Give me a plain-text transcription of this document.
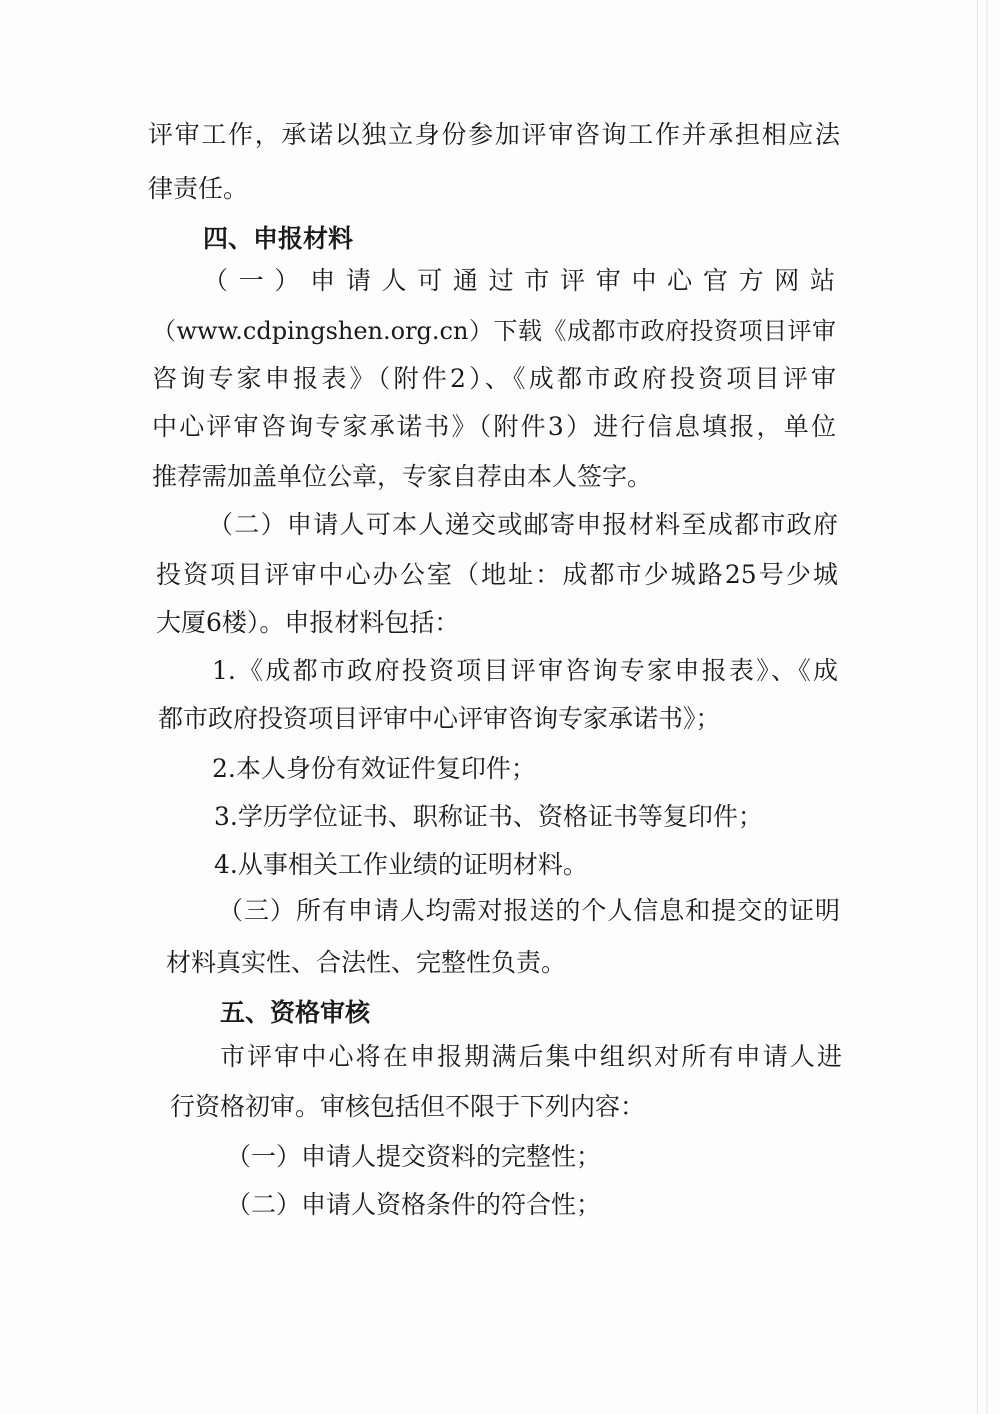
评审工作，承诺以独立身份参加评审咨询工作并承担相应法
律责任。
四、申报材料
（一）申请人可通过市评审中心官方网站
（www.cdpingshen.org.cn）下载《成都市政府投资项目评审
咨询专家申报表》（附件2）、《成都市政府投资项目评审
中心评审咨询专家承诺书》（附件3）进行信息填报，单位
推荐需加盖单位公章，专家自荐由本人签字。
（二）申请人可本人递交或邮寄申报材料至成都市政府
投资项目评审中心办公室（地址：成都市少城路25号少城
大厦6楼）。申报材料包括：
1.《成都市政府投资项目评审咨询专家申报表》、《成
都市政府投资项目评审中心评审咨询专家承诺书》；
2.本人身份有效证件复印件；
3.学历学位证书、职称证书、资格证书等复印件；
4.从事相关工作业绩的证明材料。
（三）所有申请人均需对报送的个人信息和提交的证明
材料真实性、合法性、完整性负责。
五、资格审核
市评审中心将在申报期满后集中组织对所有申请人进
行资格初审。审核包括但不限于下列内容：
（一）申请人提交资料的完整性；
（二）申请人资格条件的符合性；
